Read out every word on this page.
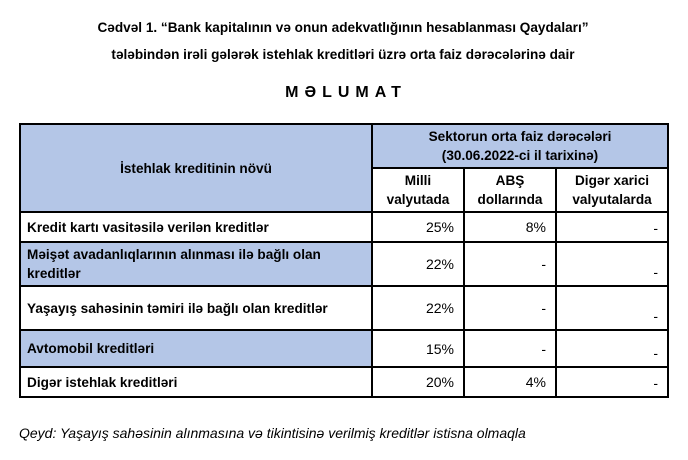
Cədvəl 1. “Bank kapitalının və onun adekvatlığının hesablanması Qaydaları”
tələbindən irəli gələrək istehlak kreditləri üzrə orta faiz dərəcələrinə dair
MƏLUMAT
İstehlak kreditinin növü	Sektorun orta faiz dərəcələri
(30.06.2022-ci il tarixinə)		
	Milli valyutada	ABŞ dollarında	Digər xarici valyutalarda
Kredit kartı vasitəsilə verilən kreditlər	25%	8%	-
Məişət avadanlıqlarının alınması ilə bağlı olan kreditlər	22%	-	-
Yaşayış sahəsinin təmiri ilə bağlı olan kreditlər	22%	-	-
Avtomobil kreditləri	15%	-	-
Digər istehlak kreditləri	20%	4%	-
Qeyd: Yaşayış sahəsinin alınmasına və tikintisinə verilmiş kreditlər istisna olmaqla
